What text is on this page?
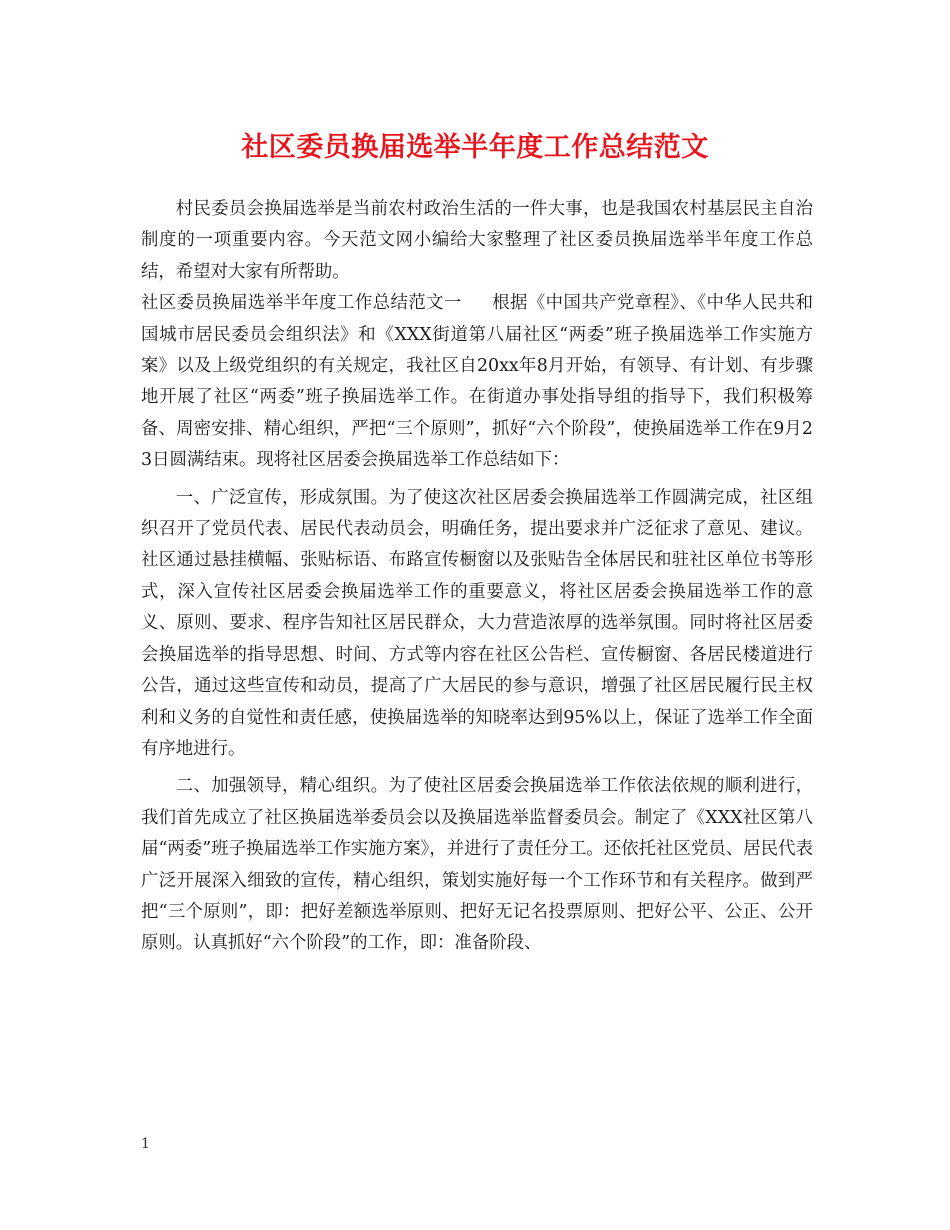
社区委员换届选举半年度工作总结范文

村民委员会换届选举是当前农村政治生活的一件大事，也是我国农村基层民主自治制度的一项重要内容。今天范文网小编给大家整理了社区委员换届选举半年度工作总结，希望对大家有所帮助。

社区委员换届选举半年度工作总结范文一 根据《中国共产党章程》、《中华人民共和国城市居民委员会组织法》和《XXX街道第八届社区“两委”班子换届选举工作实施方案》以及上级党组织的有关规定，我社区自20xx年8月开始，有领导、有计划、有步骤地开展了社区“两委”班子换届选举工作。在街道办事处指导组的指导下，我们积极筹备、周密安排、精心组织，严把“三个原则”，抓好“六个阶段”，使换届选举工作在9月23日圆满结束。现将社区居委会换届选举工作总结如下：

一、广泛宣传，形成氛围。为了使这次社区居委会换届选举工作圆满完成，社区组织召开了党员代表、居民代表动员会，明确任务，提出要求并广泛征求了意见、建议。社区通过悬挂横幅、张贴标语、布路宣传橱窗以及张贴告全体居民和驻社区单位书等形式，深入宣传社区居委会换届选举工作的重要意义，将社区居委会换届选举工作的意义、原则、要求、程序告知社区居民群众，大力营造浓厚的选举氛围。同时将社区居委会换届选举的指导思想、时间、方式等内容在社区公告栏、宣传橱窗、各居民楼道进行公告，通过这些宣传和动员，提高了广大居民的参与意识，增强了社区居民履行民主权利和义务的自觉性和责任感，使换届选举的知晓率达到95%以上，保证了选举工作全面有序地进行。

二、加强领导，精心组织。为了使社区居委会换届选举工作依法依规的顺利进行，我们首先成立了社区换届选举委员会以及换届选举监督委员会。制定了《XXX社区第八届“两委”班子换届选举工作实施方案》，并进行了责任分工。还依托社区党员、居民代表广泛开展深入细致的宣传，精心组织，策划实施好每一个工作环节和有关程序。做到严把“三个原则”，即：把好差额选举原则、把好无记名投票原则、把好公平、公正、公开原则。认真抓好“六个阶段”的工作，即：准备阶段、

1
